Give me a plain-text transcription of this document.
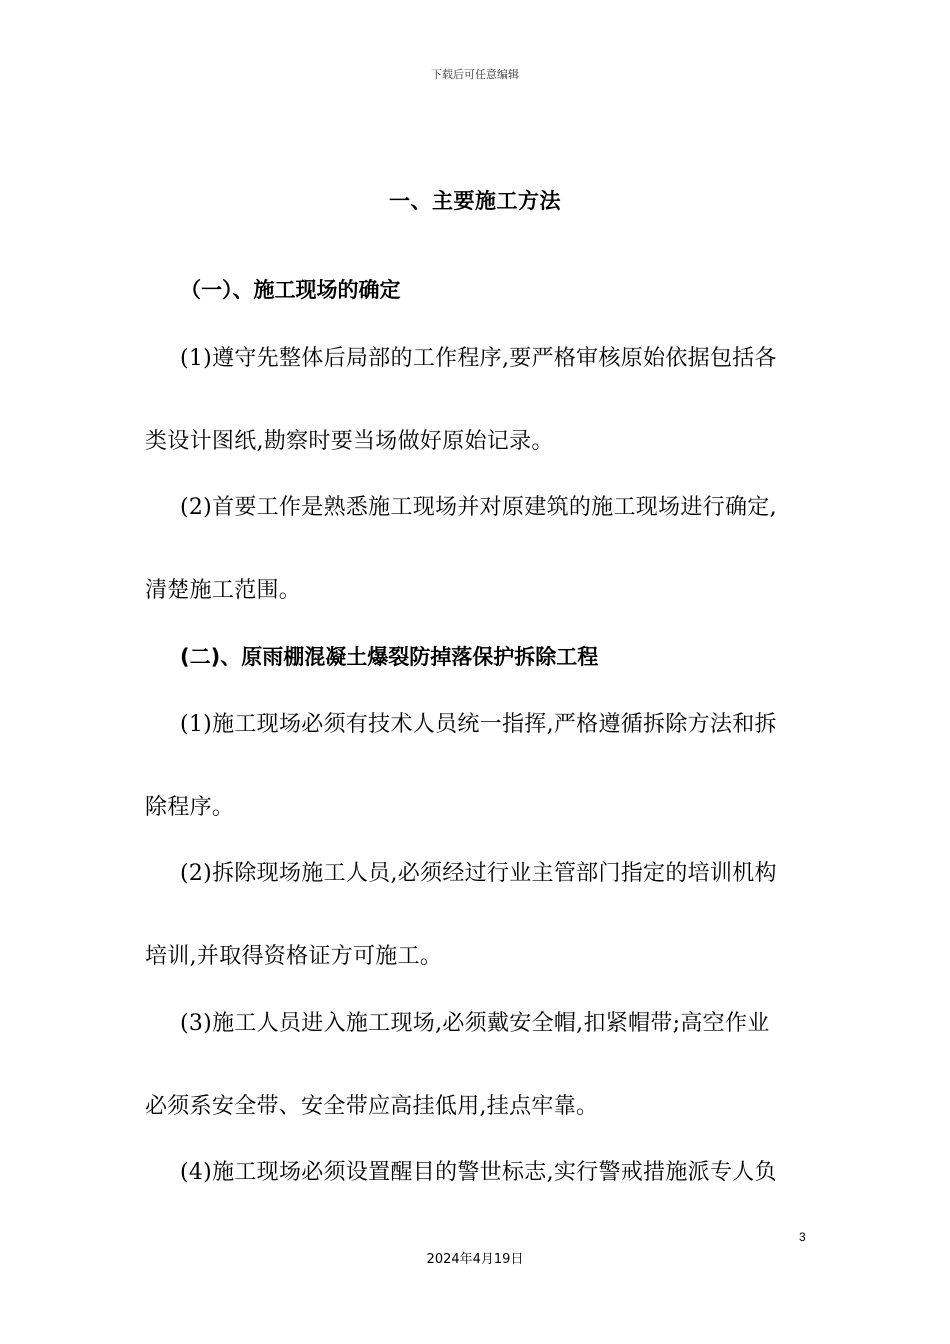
下载后可任意编辑
一、主要施工方法
（一）、施工现场的确定
(1)遵守先整体后局部的工作程序,要严格审核原始依据包括各
类设计图纸,勘察时要当场做好原始记录。
(2)首要工作是熟悉施工现场并对原建筑的施工现场进行确定,
清楚施工范围。
(二)、原雨棚混凝土爆裂防掉落保护拆除工程
(1)施工现场必须有技术人员统一指挥,严格遵循拆除方法和拆
除程序。
(2)拆除现场施工人员,必须经过行业主管部门指定的培训机构
培训,并取得资格证方可施工。
(3)施工人员进入施工现场,必须戴安全帽,扣紧帽带;高空作业
必须系安全带、安全带应高挂低用,挂点牢靠。
(4)施工现场必须设置醒目的警世标志,实行警戒措施派专人负
3
2024年4月19日
